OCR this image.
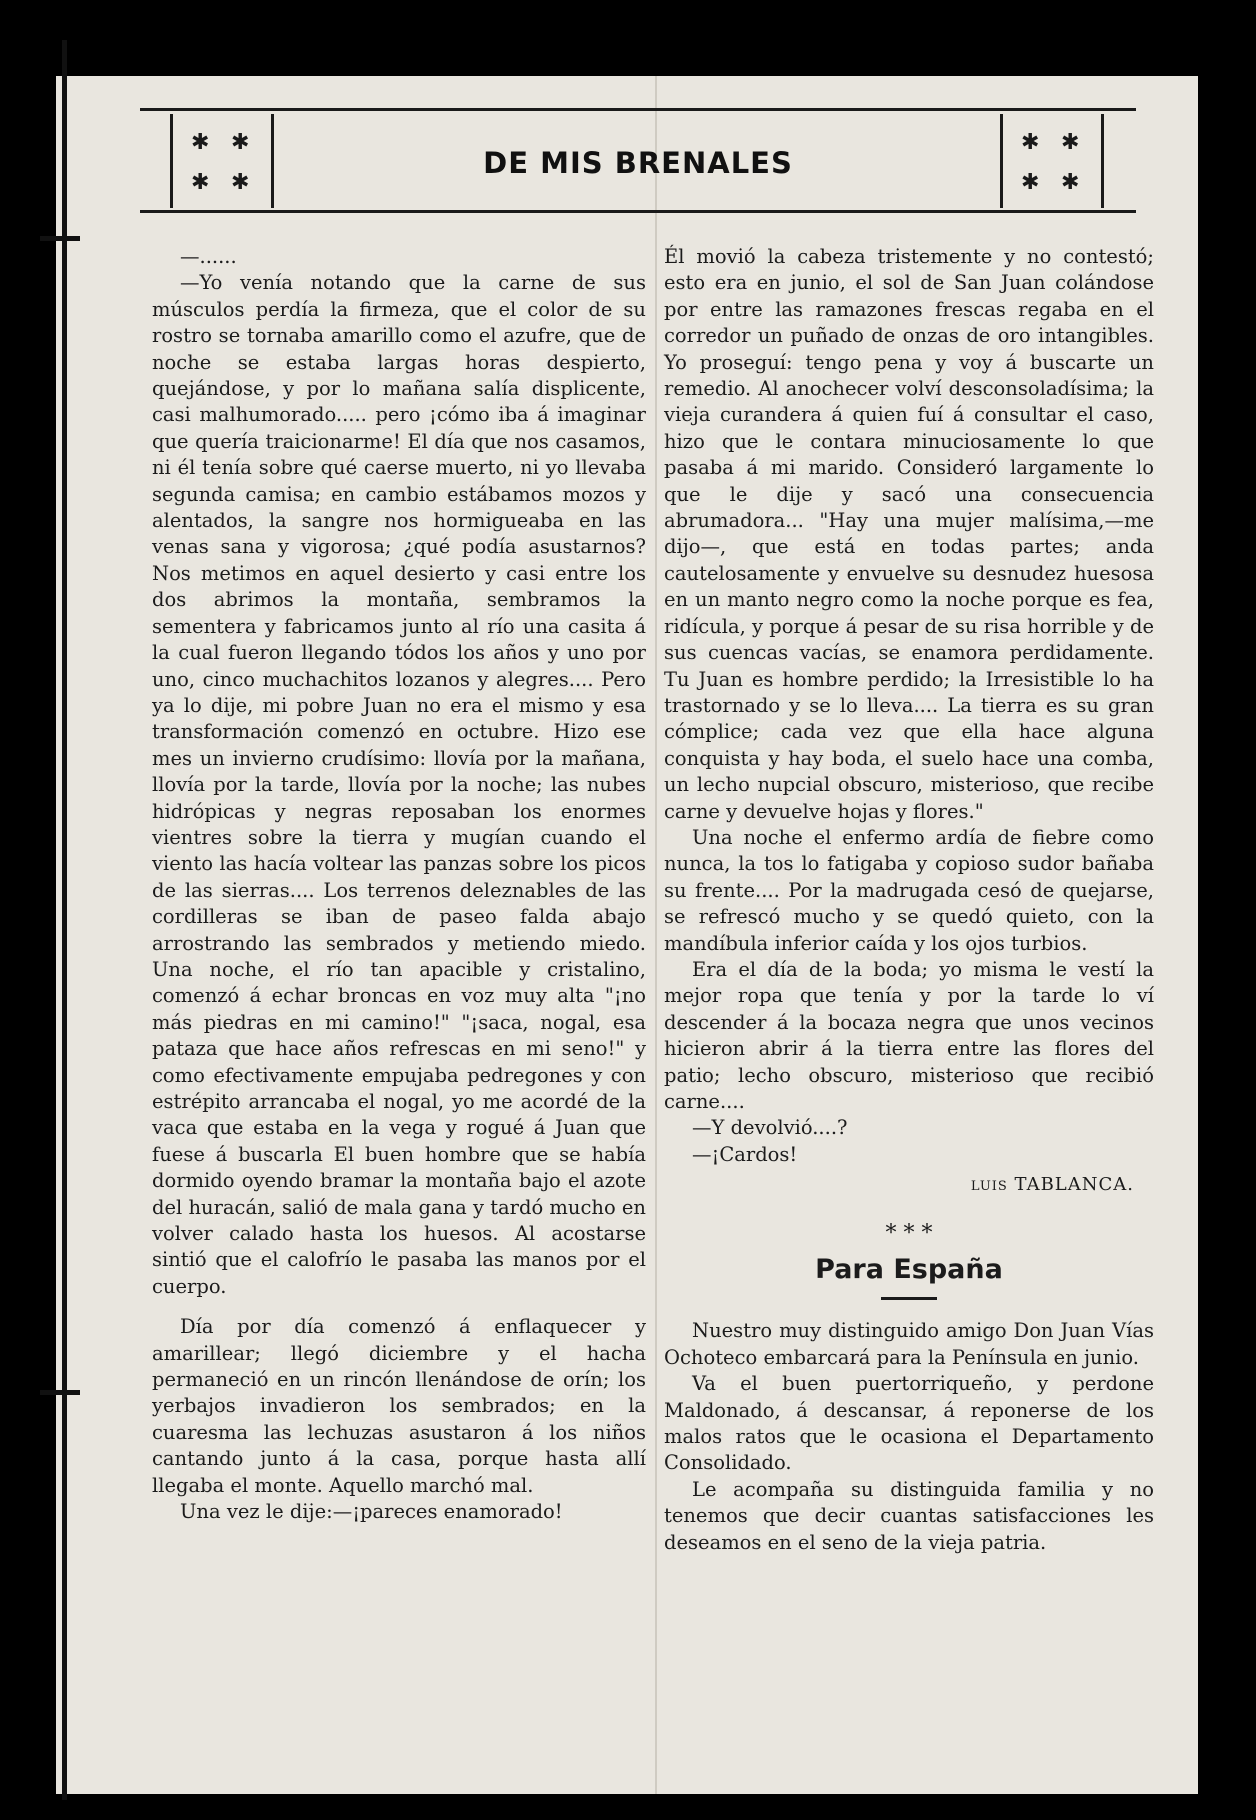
✱ ✱
✱ ✱
DE MIS BRENALES
✱ ✱
✱ ✱

—......

—Yo venía notando que la carne de sus músculos perdía la firmeza, que el color de su rostro se tornaba amarillo como el azufre, que de noche se estaba largas horas despierto, quejándose, y por lo mañana salía displicente, casi malhumorado..... pero ¡cómo iba á imaginar que quería traicionarme! El día que nos casamos, ni él tenía sobre qué caerse muerto, ni yo llevaba segunda camisa; en cambio estábamos mozos y alentados, la sangre nos hormigueaba en las venas sana y vigorosa; ¿qué podía asustarnos? Nos metimos en aquel desierto y casi entre los dos abrimos la montaña, sembramos la sementera y fabricamos junto al río una casita á la cual fueron llegando tódos los años y uno por uno, cinco muchachitos lozanos y alegres.... Pero ya lo dije, mi pobre Juan no era el mismo y esa transformación comenzó en octubre. Hizo ese mes un invierno crudísimo: llovía por la mañana, llovía por la tarde, llovía por la noche; las nubes hidrópicas y negras reposaban los enormes vientres sobre la tierra y mugían cuando el viento las hacía voltear las panzas sobre los picos de las sierras.... Los terrenos deleznables de las cordilleras se iban de paseo falda abajo arrostrando las sembrados y metiendo miedo. Una noche, el río tan apacible y cristalino, comenzó á echar broncas en voz muy alta "¡no más piedras en mi camino!" "¡saca, nogal, esa pataza que hace años refrescas en mi seno!" y como efectivamente empujaba pedregones y con estrépito arrancaba el nogal, yo me acordé de la vaca que estaba en la vega y rogué á Juan que fuese á buscarla El buen hombre que se había dormido oyendo bramar la montaña bajo el azote del huracán, salió de mala gana y tardó mucho en volver calado hasta los huesos. Al acostarse sintió que el calofrío le pasaba las manos por el cuerpo.

Día por día comenzó á enflaquecer y amarillear; llegó diciembre y el hacha permaneció en un rincón llenándose de orín; los yerbajos invadieron los sembrados; en la cuaresma las lechuzas asustaron á los niños cantando junto á la casa, porque hasta allí llegaba el monte. Aquello marchó mal.

Una vez le dije:—¡pareces enamorado!

Él movió la cabeza tristemente y no contestó; esto era en junio, el sol de San Juan colándose por entre las ramazones frescas regaba en el corredor un puñado de onzas de oro intangibles. Yo proseguí: tengo pena y voy á buscarte un remedio. Al anochecer volví desconsoladísima; la vieja curandera á quien fuí á consultar el caso, hizo que le contara minuciosamente lo que pasaba á mi marido. Consideró largamente lo que le dije y sacó una consecuencia abrumadora... "Hay una mujer malísima,—me dijo—, que está en todas partes; anda cautelosamente y envuelve su desnudez huesosa en un manto negro como la noche porque es fea, ridícula, y porque á pesar de su risa horrible y de sus cuencas vacías, se enamora perdidamente. Tu Juan es hombre perdido; la Irresistible lo ha trastornado y se lo lleva.... La tierra es su gran cómplice; cada vez que ella hace alguna conquista y hay boda, el suelo hace una comba, un lecho nupcial obscuro, misterioso, que recibe carne y devuelve hojas y flores."

Una noche el enfermo ardía de fiebre como nunca, la tos lo fatigaba y copioso sudor bañaba su frente.... Por la madrugada cesó de quejarse, se refrescó mucho y se quedó quieto, con la mandíbula inferior caída y los ojos turbios.

Era el día de la boda; yo misma le vestí la mejor ropa que tenía y por la tarde lo ví descender á la bocaza negra que unos vecinos hicieron abrir á la tierra entre las flores del patio; lecho obscuro, misterioso que recibió carne....

—Y devolvió....?

—¡Cardos!

LUIS TABLANCA.
* * *
Para España

Nuestro muy distinguido amigo Don Juan Vías Ochoteco embarcará para la Península en junio.

Va el buen puertorriqueño, y perdone Maldonado, á descansar, á reponerse de los malos ratos que le ocasiona el Departamento Consolidado.

Le acompaña su distinguida familia y no tenemos que decir cuantas satisfacciones les deseamos en el seno de la vieja patria.
